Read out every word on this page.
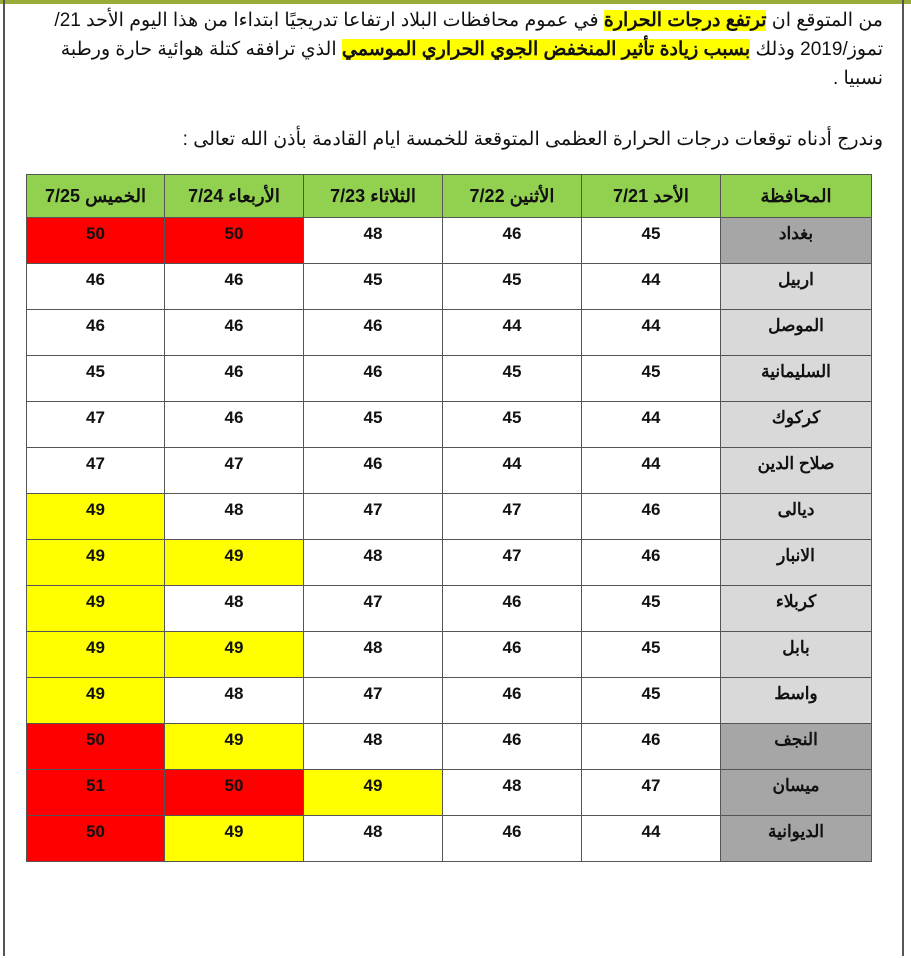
من المتوقع ان ترتفع درجات الحرارة في عموم محافظات البلاد ارتفاعا تدريجيًا ابتداءا من هذا اليوم الأحد 21/تموز/2019 وذلك بسبب زيادة تأثير المنخفض الجوي الحراري الموسمي الذي ترافقه كتلة هوائية حارة ورطبة نسبيا .
وندرج أدناه توقعات درجات الحرارة العظمى المتوقعة للخمسة ايام القادمة بأذن الله تعالى :
الخميس 7/25	الأربعاء 7/24	الثلاثاء 7/23	الأثنين 7/22	الأحد 7/21	المحافظة
50	50	48	46	45	بغداد
46	46	45	45	44	اربيل
46	46	46	44	44	الموصل
45	46	46	45	45	السليمانية
47	46	45	45	44	كركوك
47	47	46	44	44	صلاح الدين
49	48	47	47	46	ديالى
49	49	48	47	46	الانبار
49	48	47	46	45	كربلاء
49	49	48	46	45	بابل
49	48	47	46	45	واسط
50	49	48	46	46	النجف
51	50	49	48	47	ميسان
50	49	48	46	44	الديوانية
